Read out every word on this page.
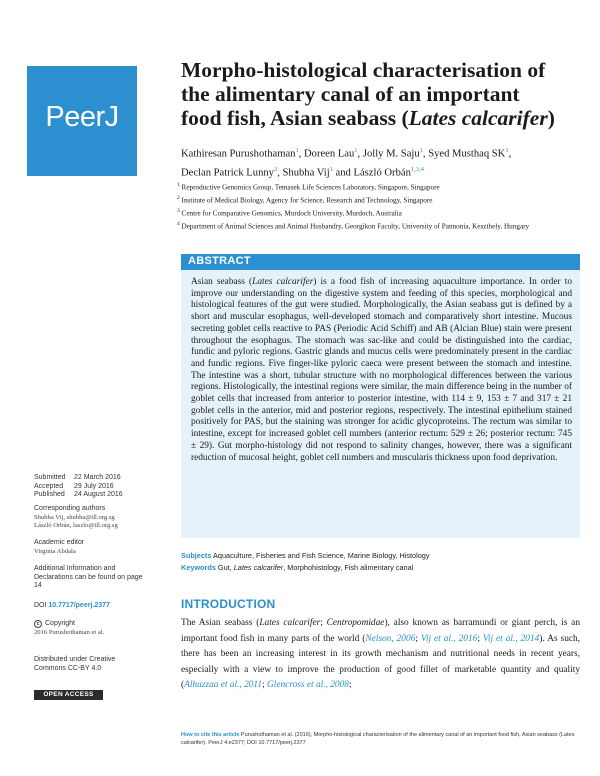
PeerJ
Morpho-histological characterisation of
the alimentary canal of an important
food fish, Asian seabass (Lates calcarifer)
Kathiresan Purushothaman$^1$, Doreen Lau$^1$, Jolly M. Saju$^1$, Syed Musthaq $SK^1$,
Declan Patrick Lunny$^2$, Shubha Vij$^1$ and László Orbán$^{1,3,4}$
$^1$ Reproductive Genomics Group, Temasek Life Sciences Laboratory, Singapore, Singapore
$^2$ Institute of Medical Biology, Agency for Science, Research and Technology, Singapore
$^3$ Centre for Comparative Genomics, Murdoch University, Murdoch, Australia
$^4$ Department of Animal Sciences and Animal Husbandry, Georgikon Faculty, University of Pannonia, Keszthely, Hungary
ABSTRACT
Asian seabass (Lates calcarifer) is a food fish of increasing aquaculture importance. In order to improve our understanding on the digestive system and feeding of this species, morphological and histological features of the gut were studied. Morphologically, the Asian seabass gut is defined by a short and muscular esophagus, well-developed stomach and comparatively short intestine. Mucous secreting goblet cells reactive to PAS (Periodic Acid Schiff) and AB (Alcian Blue) stain were present throughout the esophagus. The stomach was sac-like and could be distinguished into the cardiac, fundic and pyloric regions. Gastric glands and mucus cells were predominately present in the cardiac and fundic regions. Five finger-like pyloric caeca were present between the stomach and intestine. The intestine was a short, tubular structure with no morphological differences between the various regions. Histologically, the intestinal regions were similar, the main difference being in the number of goblet cells that increased from anterior to posterior intestine, with 114 ± 9, 153 ± 7 and 317 ± 21 goblet cells in the anterior, mid and posterior regions, respectively. The intestinal epithelium stained positively for PAS, but the staining was stronger for acidic glycoproteins. The rectum was similar to intestine, except for increased goblet cell numbers (anterior rectum: 529 ± 26; posterior rectum: 745 ± 29). Gut morpho-histology did not respond to salinity changes, however, there was a significant reduction of mucosal height, goblet cell numbers and muscularis thickness upon food deprivation.
Submitted 22 March 2016
Accepted 29 July 2016
Published 24 August 2016
Corresponding authors
Shubha Vij, shubha@tll.org.sg
László Orbán, laszlo@tll.org.sg
Academic editor
Virginia Abdala
Additional Information and Declarations can be found on page 14
DOI 10.7717/peerj.2377
c Copyright
2016 Purushothaman et al.
Distributed under Creative Commons CC-BY 4.0
OPEN ACCESS
Subjects Aquaculture, Fisheries and Fish Science, Marine Biology, Histology
Keywords Gut, Lates calcarifer, Morphohistology, Fish alimentary canal
INTRODUCTION
The Asian seabass (Lates calcarifer; Centropomidae), also known as barramundi or giant perch, is an important food fish in many parts of the world (Nelson, 2006; Vij et al., 2016; Vij et al., 2014). As such, there has been an increasing interest in its growth mechanism and nutritional needs in recent years, especially with a view to improve the production of good fillet of marketable quantity and quality (Alhazzaa et al., 2011; Glencross et al., 2008;
How to cite this article Purushothaman et al. (2016), Morpho-histological characterisation of the alimentary canal of an important food fish, Asian seabass (Lates calcarifer). PeerJ 4:e2377; DOI 10.7717/peerj.2377
